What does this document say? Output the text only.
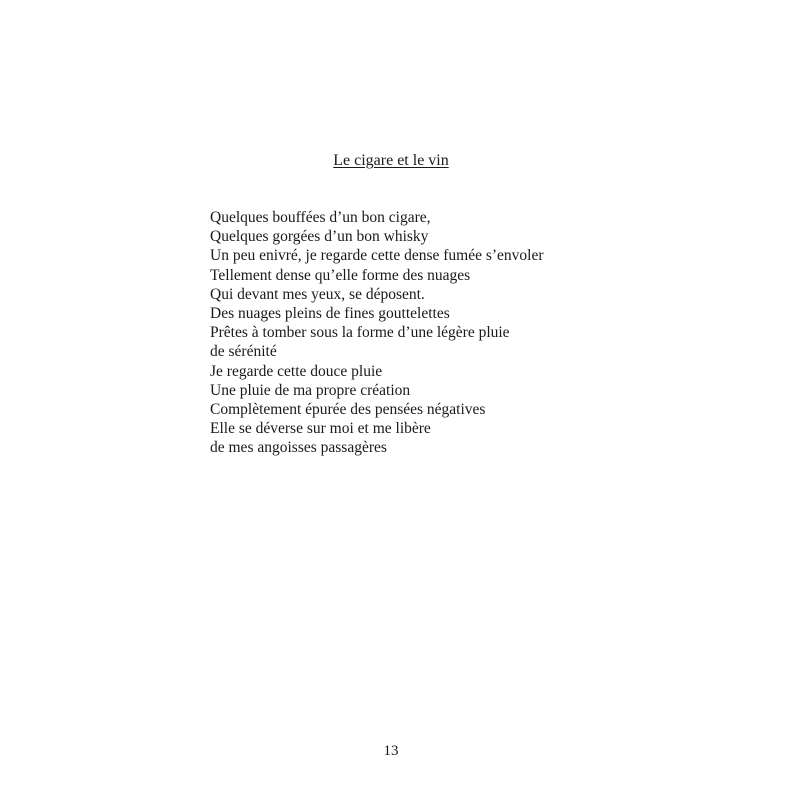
Le cigare et le vin
Quelques bouffées d’un bon cigare,
Quelques gorgées d’un bon whisky
Un peu enivré, je regarde cette dense fumée s’envoler
Tellement dense qu’elle forme des nuages
Qui devant mes yeux, se déposent.
Des nuages pleins de fines gouttelettes
Prêtes à tomber sous la forme d’une légère pluie
de sérénité
Je regarde cette douce pluie
Une pluie de ma propre création
Complètement épurée des pensées négatives
Elle se déverse sur moi et me libère
de mes angoisses passagères
13
